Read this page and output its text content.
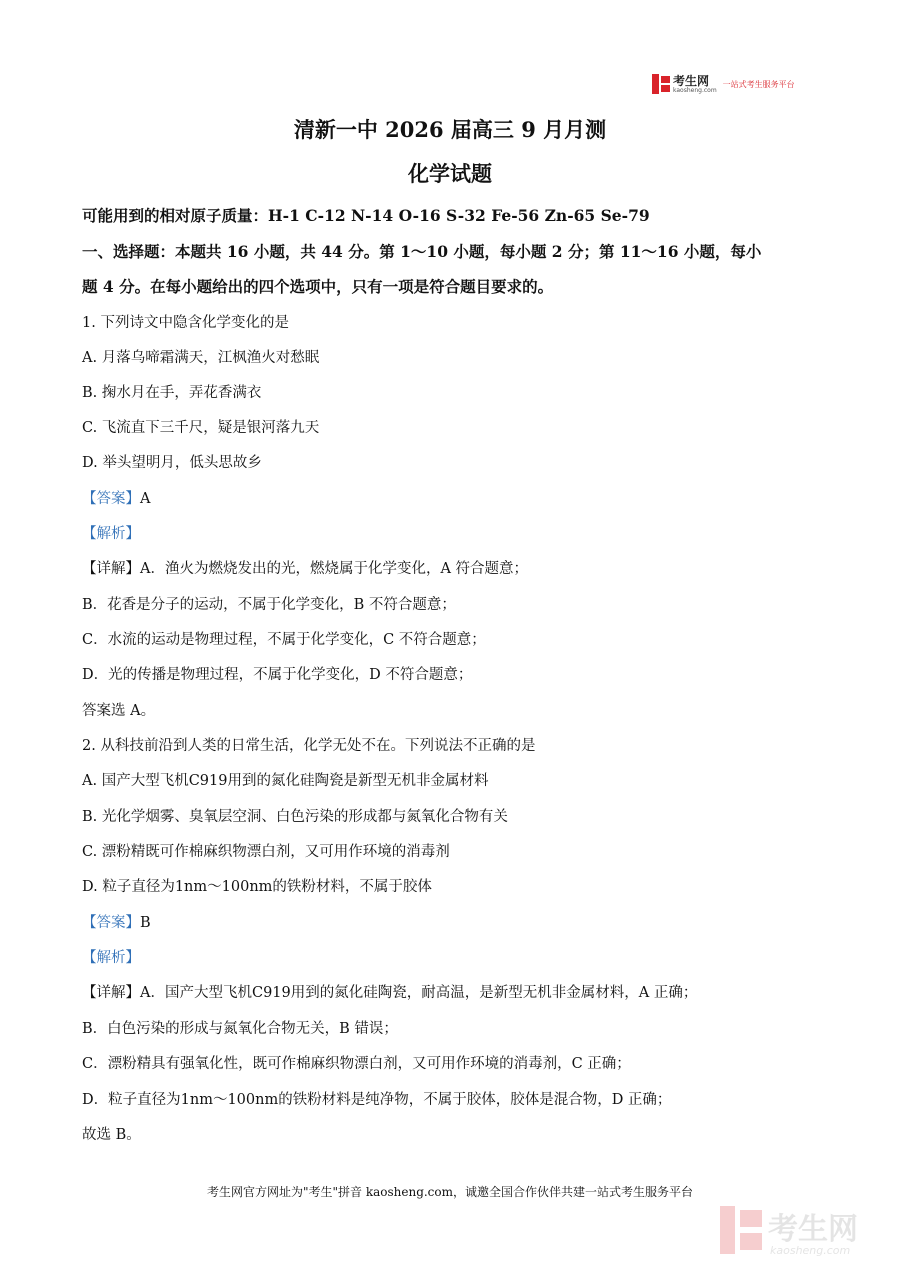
考生网
kaosheng.com
一站式考生服务平台
清新一中 2026 届高三 9 月月测
化学试题
可能用到的相对原子质量：H-1 C-12 N-14 O-16 S-32 Fe-56 Zn-65 Se-79
一、选择题：本题共 16 小题，共 44 分。第 1～10 小题，每小题 2 分；第 11～16 小题，每小
题 4 分。在每小题给出的四个选项中，只有一项是符合题目要求的。
1. 下列诗文中隐含化学变化的是
A. 月落乌啼霜满天，江枫渔火对愁眠
B. 掬水月在手，弄花香满衣
C. 飞流直下三千尺，疑是银河落九天
D. 举头望明月，低头思故乡
【答案】A
【解析】
【详解】A．渔火为燃烧发出的光，燃烧属于化学变化，A 符合题意；
B．花香是分子的运动，不属于化学变化，B 不符合题意；
C．水流的运动是物理过程，不属于化学变化，C 不符合题意；
D．光的传播是物理过程，不属于化学变化，D 不符合题意；
答案选 A。
2. 从科技前沿到人类的日常生活，化学无处不在。下列说法不正确的是
A. 国产大型飞机C919用到的氮化硅陶瓷是新型无机非金属材料
B. 光化学烟雾、臭氧层空洞、白色污染的形成都与氮氧化合物有关
C. 漂粉精既可作棉麻织物漂白剂，又可用作环境的消毒剂
D. 粒子直径为1nm～100nm的铁粉材料，不属于胶体
【答案】B
【解析】
【详解】A．国产大型飞机C919用到的氮化硅陶瓷，耐高温，是新型无机非金属材料，A 正确；
B．白色污染的形成与氮氧化合物无关，B 错误；
C．漂粉精具有强氧化性，既可作棉麻织物漂白剂，又可用作环境的消毒剂，C 正确；
D．粒子直径为1nm～100nm的铁粉材料是纯净物，不属于胶体，胶体是混合物，D 正确；
故选 B。
考生网官方网址为"考生"拼音 kaosheng.com，诚邀全国合作伙伴共建一站式考生服务平台
考生网
kaosheng.com
